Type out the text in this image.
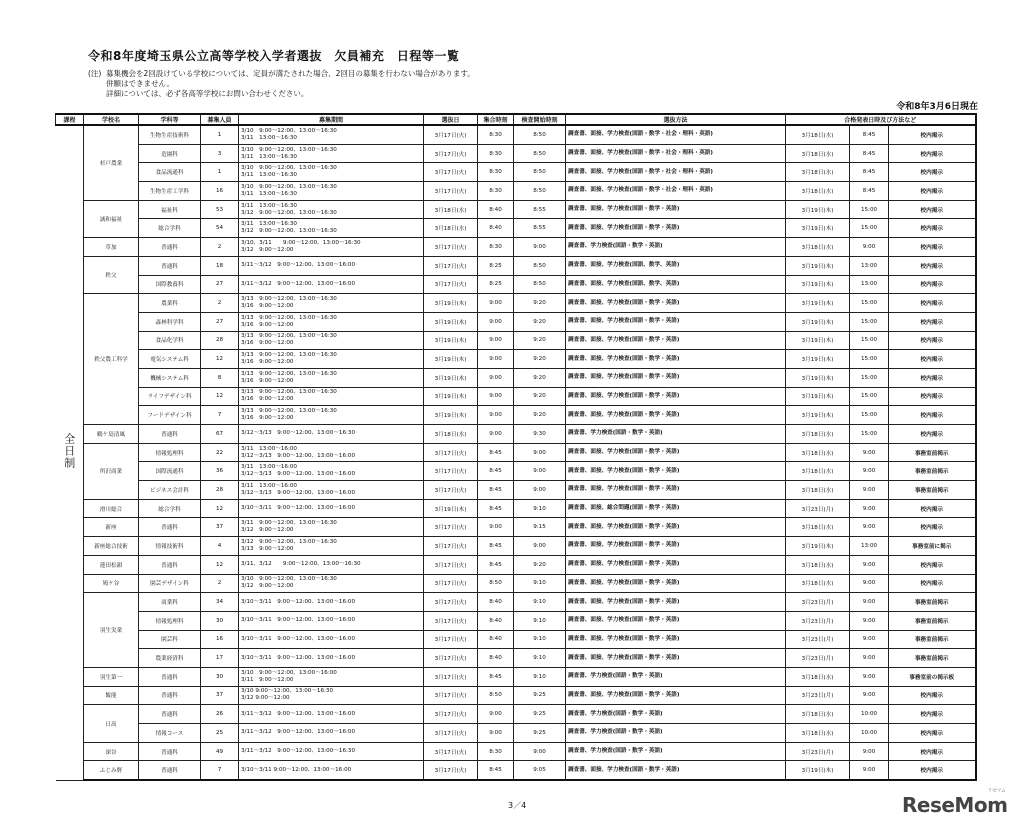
令和8年度埼玉県公立高等学校入学者選抜　欠員補充　日程等一覧
(注) 募集機会を2回設けている学校については、定員が満たされた場合、2回目の募集を行わない場合があります。
併願はできません。
詳細については、必ず各高等学校にお問い合わせください。
令和8年3月6日現在
課程	学校名	学科等	募集人員	募集期間	選抜日	集合時刻	検査開始時刻	選抜方法	合格発表日時及び方法など		
全日制	杉戸農業	生物生産技術科	1	3/10　9:00〜12:00、13:00〜16:30
3/11　13:00〜16:30	3月17日(火)	8:30	8:50	調査書、面接、学力検査(国語・数学・社会・理科・英語)	3月18日(水)	8:45	校内掲示
		造園科	3	3/10　9:00〜12:00、13:00〜16:30
3/11　13:00〜16:30	3月17日(火)	8:30	8:50	調査書、面接、学力検査(国語・数学・社会・理科・英語)	3月18日(水)	8:45	校内掲示
		食品流通科	1	3/10　9:00〜12:00、13:00〜16:30
3/11　13:00〜16:30	3月17日(火)	8:30	8:50	調査書、面接、学力検査(国語・数学・社会・理科・英語)	3月18日(水)	8:45	校内掲示
		生物生産工学科	16	3/10　9:00〜12:00、13:00〜16:30
3/11　13:00〜16:30	3月17日(火)	8:30	8:50	調査書、面接、学力検査(国語・数学・社会・理科・英語)	3月18日(水)	8:45	校内掲示
	誠和福祉	福祉科	53	3/11　13:00〜16:30
3/12　9:00〜12:00、13:00〜16:30	3月18日(水)	8:40	8:55	調査書、面接、学力検査(国語・数学・英語)	3月19日(木)	15:00	校内掲示
		総合学科	54	3/11　13:00〜16:30
3/12　9:00〜12:00、13:00〜16:30	3月18日(水)	8:40	8:55	調査書、面接、学力検査(国語・数学・英語)	3月19日(木)	15:00	校内掲示
	草加	普通科	2	3/10、3/11　　9:00〜12:00、13:00〜16:30
3/12　9:00〜12:00	3月17日(火)	8:30	9:00	調査書、学力検査(国語・数学・英語)	3月18日(水)	9:00	校内掲示
	秩父	普通科	18	3/11〜3/12　9:00〜12:00、13:00〜16:00	3月17日(火)	8:25	8:50	調査書、面接、学力検査(国語、数学、英語)	3月19日(木)	13:00	校内掲示
		国際教養科	27	3/11〜3/12　9:00〜12:00、13:00〜16:00	3月17日(火)	8:25	8:50	調査書、面接、学力検査(国語、数学、英語)	3月19日(木)	13:00	校内掲示
	秩父農工科学	農業科	2	3/13　9:00〜12:00、13:00〜16:30
3/16　9:00〜12:00	3月19日(木)	9:00	9:20	調査書、面接、学力検査(国語・数学・英語)	3月19日(木)	15:00	校内掲示
		森林科学科	27	3/13　9:00〜12:00、13:00〜16:30
3/16　9:00〜12:00	3月19日(木)	9:00	9:20	調査書、面接、学力検査(国語・数学・英語)	3月19日(木)	15:00	校内掲示
		食品化学科	28	3/13　9:00〜12:00、13:00〜16:30
3/16　9:00〜12:00	3月19日(木)	9:00	9:20	調査書、面接、学力検査(国語・数学・英語)	3月19日(木)	15:00	校内掲示
		電気システム科	12	3/13　9:00〜12:00、13:00〜16:30
3/16　9:00〜12:00	3月19日(木)	9:00	9:20	調査書、面接、学力検査(国語・数学・英語)	3月19日(木)	15:00	校内掲示
		機械システム科	8	3/13　9:00〜12:00、13:00〜16:30
3/16　9:00〜12:00	3月19日(木)	9:00	9:20	調査書、面接、学力検査(国語・数学・英語)	3月19日(木)	15:00	校内掲示
		ライフデザイン科	12	3/13　9:00〜12:00、13:00〜16:30
3/16　9:00〜12:00	3月19日(木)	9:00	9:20	調査書、面接、学力検査(国語・数学・英語)	3月19日(木)	15:00	校内掲示
		フードデザイン科	7	3/13　9:00〜12:00、13:00〜16:30
3/16　9:00〜12:00	3月19日(木)	9:00	9:20	調査書、面接、学力検査(国語・数学・英語)	3月19日(木)	15:00	校内掲示
	鶴ケ島清風	普通科	67	3/12〜3/13　9:00〜12:00、13:00〜16:30	3月18日(水)	9:00	9:30	調査書、学力検査(国語・数学・英語)	3月18日(水)	15:00	校内掲示
	所沢商業	情報処理科	22	3/11　13:00〜16:00
3/12〜3/13　9:00〜12:00、13:00〜16:00	3月17日(火)	8:45	9:00	調査書、面接、学力検査(国語・数学・英語)	3月18日(水)	9:00	事務室前掲示
		国際流通科	36	3/11　13:00〜16:00
3/12〜3/13　9:00〜12:00、13:00〜16:00	3月17日(火)	8:45	9:00	調査書、面接、学力検査(国語・数学・英語)	3月18日(水)	9:00	事務室前掲示
		ビジネス会計科	28	3/11　13:00〜16:00
3/12〜3/13　9:00〜12:00、13:00〜16:00	3月17日(火)	8:45	9:00	調査書、面接、学力検査(国語・数学・英語)	3月18日(水)	9:00	事務室前掲示
	滑川総合	総合学科	12	3/10〜3/11　9:00〜12:00、13:00〜16:00	3月19日(木)	8:45	9:10	調査書、面接、総合問題(国語・数学・英語)	3月23日(月)	9:00	校内掲示
	新座	普通科	37	3/11　9:00〜12:00、13:00〜16:30
3/12　9:00〜12:00	3月17日(火)	9:00	9:15	調査書、面接、学力検査(国語・数学・英語)	3月18日(水)	9:00	校内掲示
	新座総合技術	情報技術科	4	3/12　9:00〜12:00、13:00〜16:30
3/13　9:00〜12:00	3月17日(火)	8:45	9:00	調査書、面接、学力検査(国語・数学・英語)	3月19日(木)	13:00	事務室前に掲示
	蓮田松韻	普通科	12	3/11、3/12　　9:00〜12:00、13:00〜16:30	3月17日(火)	8:45	9:20	調査書、面接、学力検査(国語・数学・英語)	3月18日(水)	9:00	校内掲示
	鳩ケ谷	園芸デザイン科	2	3/10　9:00〜12:00、13:00〜16:30
3/12　9:00〜12:00	3月17日(火)	8:50	9:10	調査書、面接、学力検査(国語・数学・英語)	3月18日(水)	9:00	校内掲示
	羽生実業	商業科	34	3/10〜3/11　9:00〜12:00、13:00〜16:00	3月17日(火)	8:40	9:10	調査書、面接、学力検査(国語・数学・英語)	3月23日(月)	9:00	事務室前掲示
		情報処理科	30	3/10〜3/11　9:00〜12:00、13:00〜16:00	3月17日(火)	8:40	9:10	調査書、面接、学力検査(国語・数学・英語)	3月23日(月)	9:00	事務室前掲示
		園芸科	16	3/10〜3/11　9:00〜12:00、13:00〜16:00	3月17日(火)	8:40	9:10	調査書、面接、学力検査(国語・数学・英語)	3月23日(月)	9:00	事務室前掲示
		農業経済科	17	3/10〜3/11　9:00〜12:00、13:00〜16:00	3月17日(火)	8:40	9:10	調査書、面接、学力検査(国語・数学・英語)	3月23日(月)	9:00	事務室前掲示
	羽生第一	普通科	30	3/10　9:00〜12:00、13:00〜16:00
3/11　9:00〜12:00	3月17日(火)	8:45	9:10	調査書、学力検査(国語・数学・英語)	3月18日(水)	9:00	事務室前の掲示板
	飯能	普通科	37	3/10 9:00〜12:00、13:00〜16:30
3/12 9:00〜12:00	3月17日(火)	8:50	9:25	調査書、面接、学力検査(国語・数学・英語)	3月23日(月)	9:00	校内掲示
	日高	普通科	26	3/11〜3/12　9:00〜12:00、13:00〜16:00	3月17日(火)	9:00	9:25	調査書、学力検査(国語・数学・英語)	3月18日(水)	10:00	校内掲示
		情報コース	25	3/11〜3/12　9:00〜12:00、13:00〜16:00	3月17日(火)	9:00	9:25	調査書、学力検査(国語・数学・英語)	3月18日(水)	10:00	校内掲示
	深谷	普通科	49	3/11〜3/12　9:00〜12:00、13:00〜16:30	3月17日(火)	8:30	9:00	調査書、学力検査(国語・数学・英語)	3月23日(月)	9:00	校内掲示
	ふじみ野	普通科	7	3/10〜3/11 9:00〜12:00、13:00〜16:00	3月17日(火)	8:45	9:05	調査書、面接、学力検査(国語・数学・英語)	3月19日(木)	9:00	校内掲示
3／4	ReseMom
リセマム
